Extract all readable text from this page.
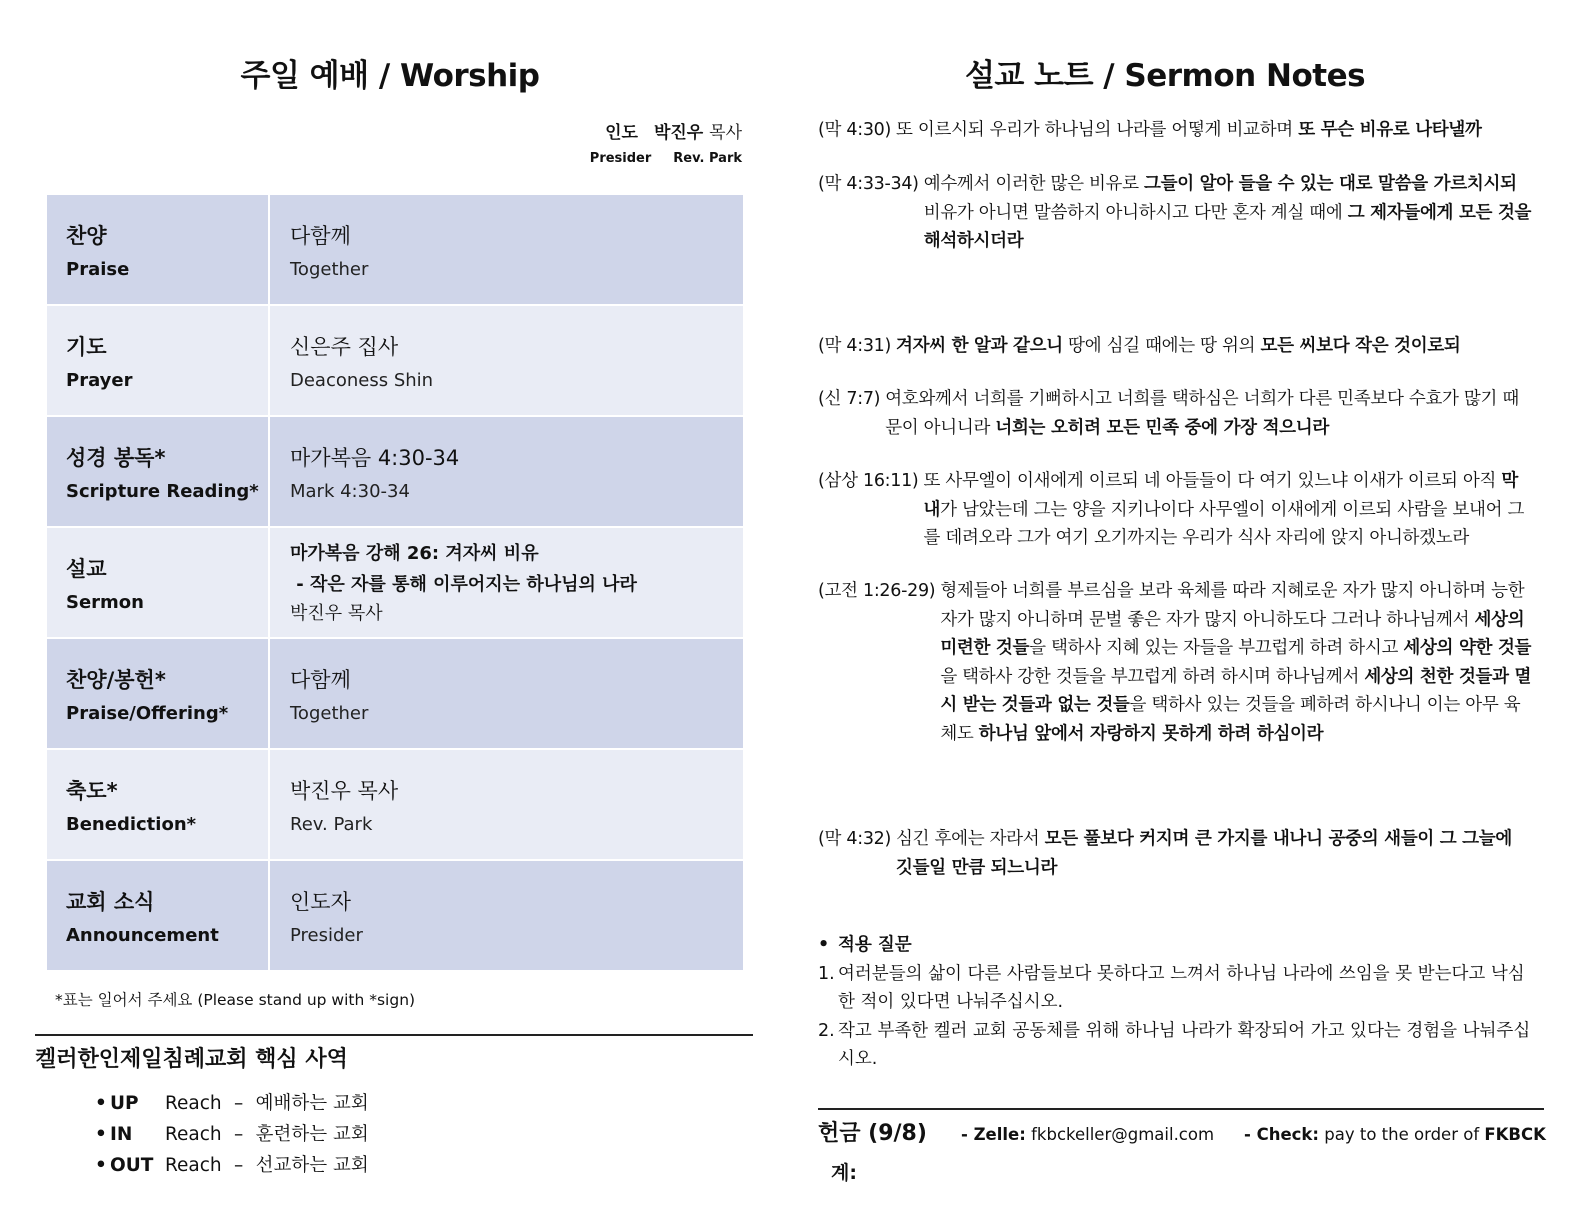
주일 예배 / Worship
인도 박진우 목사
Presider Rev. Park
찬양
Praise	다함께
Together

기도
Prayer	신은주 집사
Deaconess Shin

성경 봉독*
Scripture Reading*	마가복음 4:30-34
Mark 4:30-34

설교
Sermon	마가복음 강해 26: 겨자씨 비유
- 작은 자를 통해 이루어지는 하나님의 나라
박진우 목사

찬양/봉헌*
Praise/Offering*	다함께
Together

축도*
Benediction*	박진우 목사
Rev. Park

교회 소식
Announcement	인도자
Presider
*표는 일어서 주세요 (Please stand up with *sign)
켈러한인제일침례교회 핵심 사역
• UP Reach – 예배하는 교회
• IN Reach – 훈련하는 교회
• OUT Reach – 선교하는 교회
설교 노트 / Sermon Notes
(막 4:30) 또 이르시되 우리가 하나님의 나라를 어떻게 비교하며 또 무슨 비유로 나타낼까
(막 4:33-34) 예수께서 이러한 많은 비유로 그들이 알아 들을 수 있는 대로 말씀을 가르치시되 비유가 아니면 말씀하지 아니하시고 다만 혼자 계실 때에 그 제자들에게 모든 것을 해석하시더라
(막 4:31) 겨자씨 한 알과 같으니 땅에 심길 때에는 땅 위의 모든 씨보다 작은 것이로되
(신 7:7) 여호와께서 너희를 기뻐하시고 너희를 택하심은 너희가 다른 민족보다 수효가 많기 때문이 아니니라 너희는 오히려 모든 민족 중에 가장 적으니라
(삼상 16:11) 또 사무엘이 이새에게 이르되 네 아들들이 다 여기 있느냐 이새가 이르되 아직 막내가 남았는데 그는 양을 지키나이다 사무엘이 이새에게 이르되 사람을 보내어 그를 데려오라 그가 여기 오기까지는 우리가 식사 자리에 앉지 아니하겠노라
(고전 1:26-29) 형제들아 너희를 부르심을 보라 육체를 따라 지혜로운 자가 많지 아니하며 능한 자가 많지 아니하며 문벌 좋은 자가 많지 아니하도다 그러나 하나님께서 세상의 미련한 것들을 택하사 지혜 있는 자들을 부끄럽게 하려 하시고 세상의 약한 것들을 택하사 강한 것들을 부끄럽게 하려 하시며 하나님께서 세상의 천한 것들과 멸시 받는 것들과 없는 것들을 택하사 있는 것들을 폐하려 하시나니 이는 아무 육체도 하나님 앞에서 자랑하지 못하게 하려 하심이라
(막 4:32) 심긴 후에는 자라서 모든 풀보다 커지며 큰 가지를 내나니 공중의 새들이 그 그늘에 깃들일 만큼 되느니라
• 적용 질문
1. 여러분들의 삶이 다른 사람들보다 못하다고 느껴서 하나님 나라에 쓰임을 못 받는다고 낙심한 적이 있다면 나눠주십시오.
2. 작고 부족한 켈러 교회 공동체를 위해 하나님 나라가 확장되어 가고 있다는 경험을 나눠주십시오.
헌금 (9/8) - Zelle: fkbckeller@gmail.com - Check: pay to the order of FKBCK
계:
